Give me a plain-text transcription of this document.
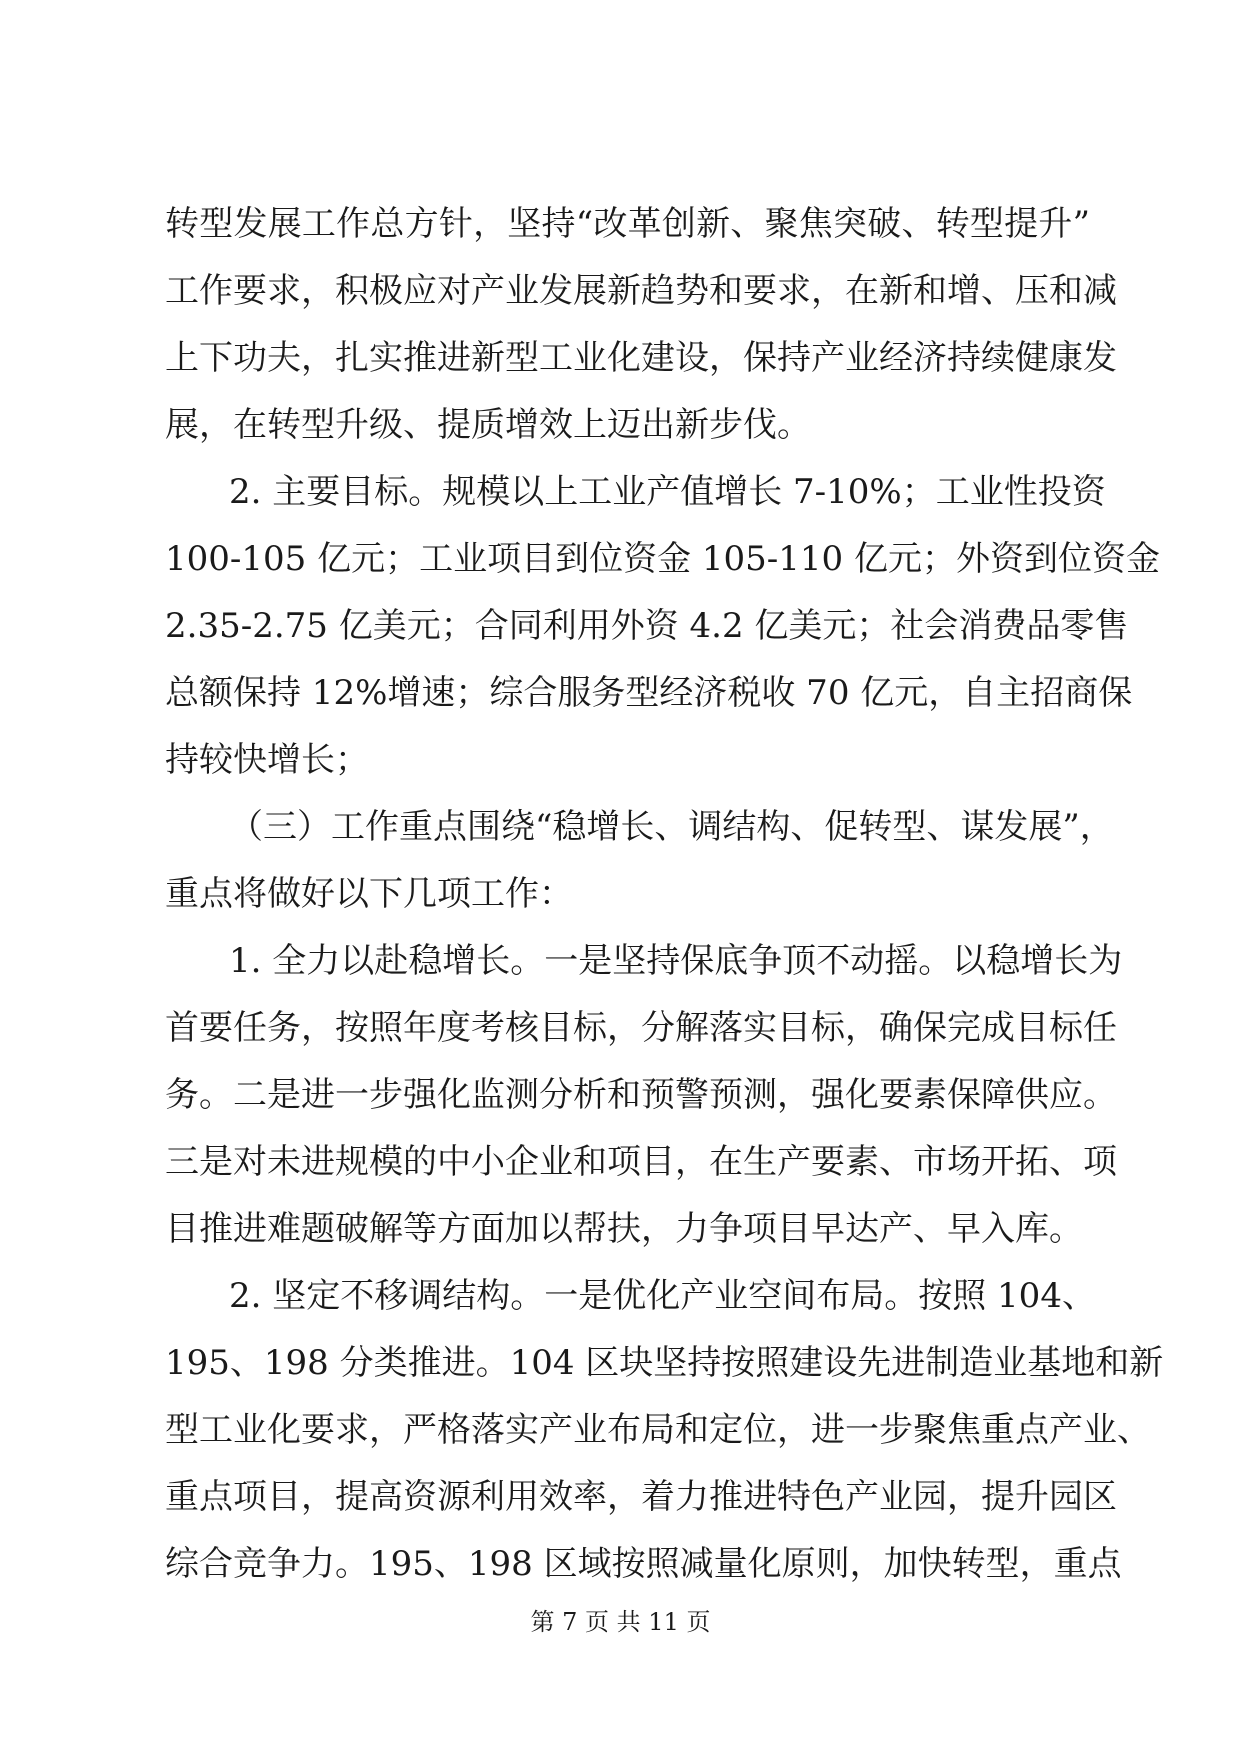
转型发展工作总方针，坚持“改革创新、聚焦突破、转型提升”
工作要求，积极应对产业发展新趋势和要求，在新和增、压和减
上下功夫，扎实推进新型工业化建设，保持产业经济持续健康发
展，在转型升级、提质增效上迈出新步伐。
2. 主要目标。规模以上工业产值增长 7-10%；工业性投资
100-105 亿元；工业项目到位资金 105-110 亿元；外资到位资金
2.35-2.75 亿美元；合同利用外资 4.2 亿美元；社会消费品零售
总额保持 12%增速；综合服务型经济税收 70 亿元，自主招商保
持较快增长；
（三）工作重点围绕“稳增长、调结构、促转型、谋发展”，
重点将做好以下几项工作：
1. 全力以赴稳增长。一是坚持保底争顶不动摇。以稳增长为
首要任务，按照年度考核目标，分解落实目标，确保完成目标任
务。二是进一步强化监测分析和预警预测，强化要素保障供应。
三是对未进规模的中小企业和项目，在生产要素、市场开拓、项
目推进难题破解等方面加以帮扶，力争项目早达产、早入库。
2. 坚定不移调结构。一是优化产业空间布局。按照 104、
195、198 分类推进。104 区块坚持按照建设先进制造业基地和新
型工业化要求，严格落实产业布局和定位，进一步聚焦重点产业、
重点项目，提高资源利用效率，着力推进特色产业园，提升园区
综合竞争力。195、198 区域按照减量化原则，加快转型，重点
第 7 页 共 11 页
